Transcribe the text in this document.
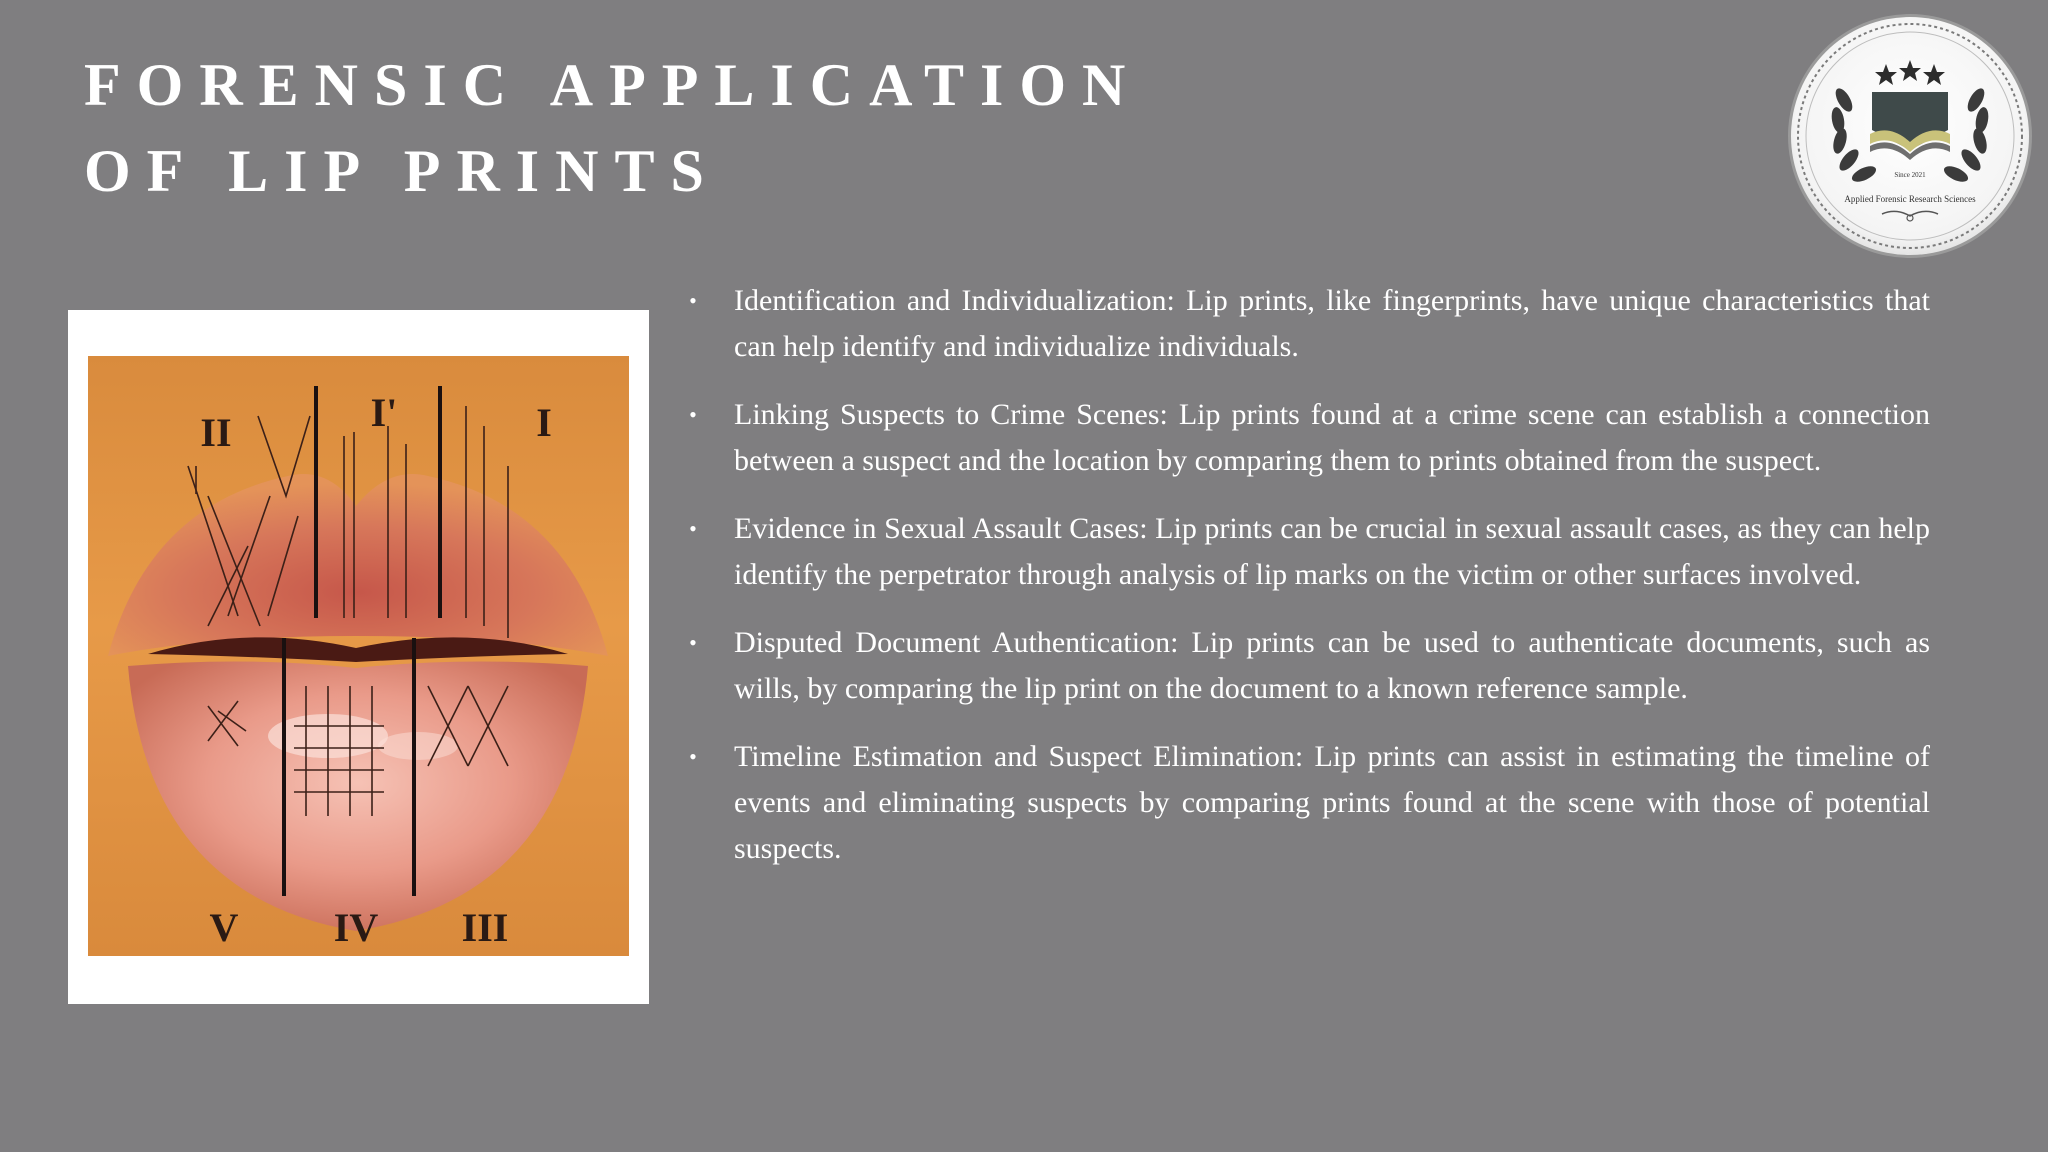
FORENSIC APPLICATION
OF LIP PRINTS	Since 2021
Applied Forensic Research Sciences
II	I'	I
V IV III
• Identification and Individualization: Lip prints, like fingerprints, have unique characteristics that can help identify and individualize individuals.
• Linking Suspects to Crime Scenes: Lip prints found at a crime scene can establish a connection between a suspect and the location by comparing them to prints obtained from the suspect.
• Evidence in Sexual Assault Cases: Lip prints can be crucial in sexual assault cases, as they can help identify the perpetrator through analysis of lip marks on the victim or other surfaces involved.
• Disputed Document Authentication: Lip prints can be used to authenticate documents, such as wills, by comparing the lip print on the document to a known reference sample.
• Timeline Estimation and Suspect Elimination: Lip prints can assist in estimating the timeline of events and eliminating suspects by comparing prints found at the scene with those of potential suspects.
